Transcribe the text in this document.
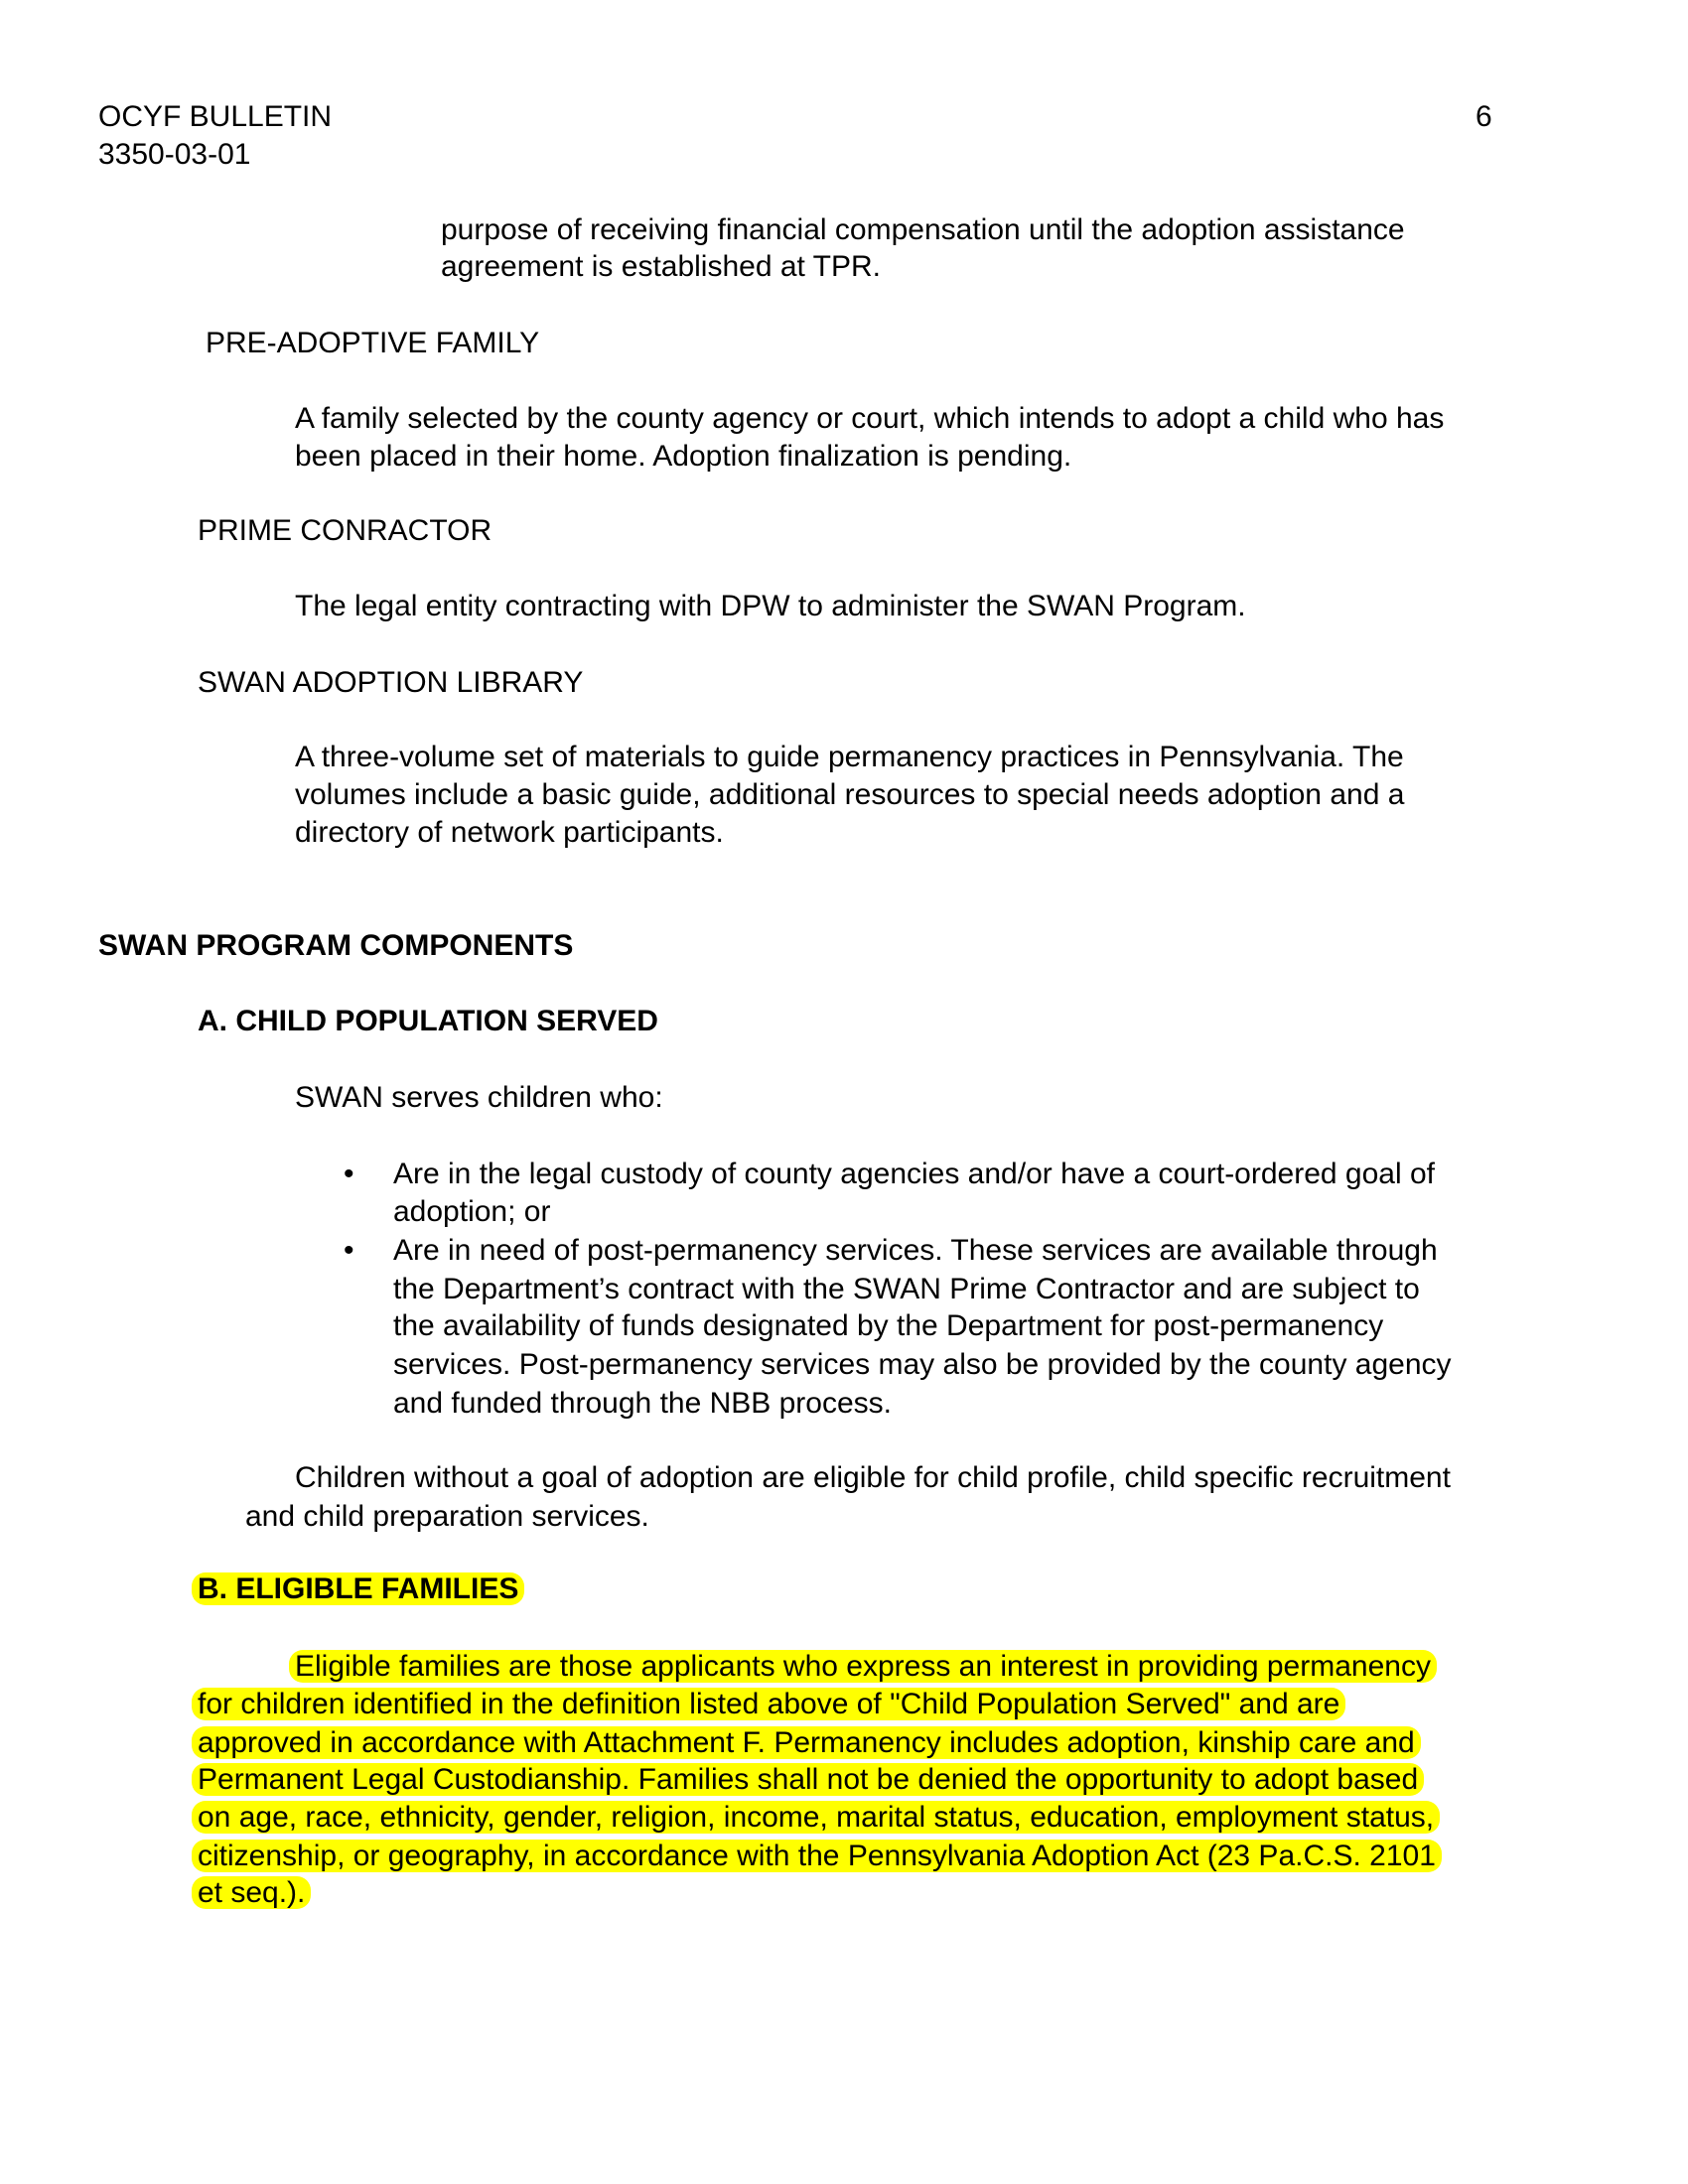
OCYF BULLETIN
3350-03-01
6
purpose of receiving financial compensation until the adoption assistance
agreement is established at TPR.
PRE-ADOPTIVE FAMILY
A family selected by the county agency or court, which intends to adopt a child who has
been placed in their home. Adoption finalization is pending.
PRIME CONRACTOR
The legal entity contracting with DPW to administer the SWAN Program.
SWAN ADOPTION LIBRARY
A three-volume set of materials to guide permanency practices in Pennsylvania. The
volumes include a basic guide, additional resources to special needs adoption and a
directory of network participants.
SWAN PROGRAM COMPONENTS
A. CHILD POPULATION SERVED
SWAN serves children who:
• Are in the legal custody of county agencies and/or have a court-ordered goal of
adoption; or
• Are in need of post-permanency services. These services are available through
the Department’s contract with the SWAN Prime Contractor and are subject to
the availability of funds designated by the Department for post-permanency
services. Post-permanency services may also be provided by the county agency
and funded through the NBB process.
Children without a goal of adoption are eligible for child profile, child specific recruitment
and child preparation services.
B. ELIGIBLE FAMILIES
Eligible families are those applicants who express an interest in providing permanency
for children identified in the definition listed above of "Child Population Served" and are
approved in accordance with Attachment F. Permanency includes adoption, kinship care and
Permanent Legal Custodianship. Families shall not be denied the opportunity to adopt based
on age, race, ethnicity, gender, religion, income, marital status, education, employment status,
citizenship, or geography, in accordance with the Pennsylvania Adoption Act (23 Pa.C.S. 2101
et seq.).
